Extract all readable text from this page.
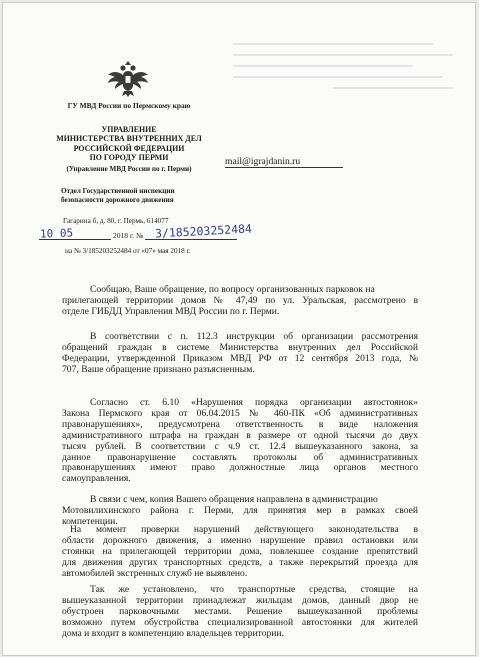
ГУ МВД России по Пермскому краю
УПРАВЛЕНИЕ
МИНИСТЕРСТВА ВНУТРЕННИХ ДЕЛ
РОССИЙСКОЙ ФЕДЕРАЦИИ
ПО ГОРОДУ ПЕРМИ
(Управление МВД России по г. Перми)
Отдел Государственной инспекции
безопасности дорожного движения
Гагарина б, д. 80, г. Пермь, 614077
mail@igrajdanin.ru
10 05	2018 г. № 3/185203252484
на № 3/185203252484 от «07» мая 2018 г.
Сообщаю, Ваше обращение, по вопросу организованных парковок на
прилегающей территории домов № 47,49 по ул. Уральская, рассмотрено в
отделе ГИБДД Управления МВД России по г. Перми.
В соответствии с п. 112.3 инструкции об организации рассмотрения
обращений граждан в системе Министерства внутренних дел Российской
Федерации, утвержденной Приказом МВД РФ от 12 сентября 2013 года, №
707, Ваше обращение признано разъясненным.
Согласно ст. 6.10 «Нарушения порядка организации автостоянок»
Закона Пермского края от 06.04.2015 № 460-ПК «Об административных
правонарушениях», предусмотрена ответственность в виде наложения
административного штрафа на граждан в размере от одной тысячи до двух
тысяч рублей. В соответствии с ч.9 ст. 12.4 вышеуказанного закона, за
данное правонарушение составлять протоколы об административных
правонарушениях имеют право должностные лица органов местного
самоуправления.
В связи с чем, копия Вашего обращения направлена в администрацию
Мотовилихинского района г. Перми, для принятия мер в рамках своей
компетенции.
На момент проверки нарушений действующего законодательства в
области дорожного движения, а именно нарушение правил остановки или
стоянки на прилегающей территории дома, повлекшее создание препятствий
для движения других транспортных средств, а также перекрытий проезда для
автомобилей экстренных служб не выявлено.
Так же установлено, что транспортные средства, стоящие на
вышеуказанной территории принадлежат жильцам домов, данный двор не
обустроен парковочными местами. Решение вышеуказанной проблемы
возможно путем обустройства специализированной автостоянки для жителей
дома и входит в компетенцию владельцев территории.
